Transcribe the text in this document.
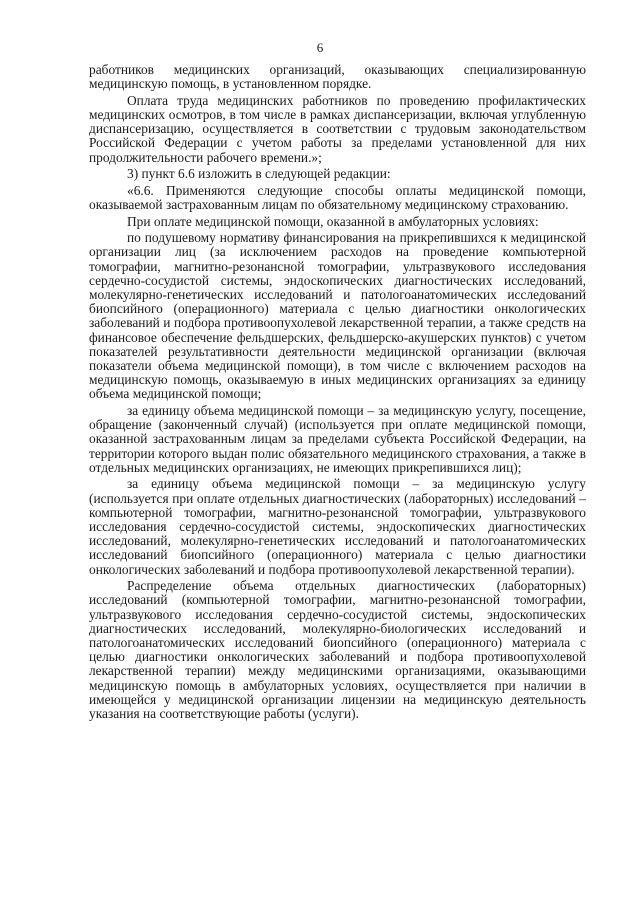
6

работников медицинских организаций, оказывающих специализированную медицинскую помощь, в установленном порядке.

Оплата труда медицинских работников по проведению профилактических медицинских осмотров, в том числе в рамках диспансеризации, включая углубленную диспансеризацию, осуществляется в соответствии с трудовым законодательством Российской Федерации с учетом работы за пределами установленной для них продолжительности рабочего времени.»;

3) пункт 6.6 изложить в следующей редакции:

«6.6. Применяются следующие способы оплаты медицинской помощи, оказываемой застрахованным лицам по обязательному медицинскому страхованию.

При оплате медицинской помощи, оказанной в амбулаторных условиях:

по подушевому нормативу финансирования на прикрепившихся к медицинской организации лиц (за исключением расходов на проведение компьютерной томографии, магнитно-резонансной томографии, ультразвукового исследования сердечно-сосудистой системы, эндоскопических диагностических исследований, молекулярно-генетических исследований и патологоанатомических исследований биопсийного (операционного) материала с целью диагностики онкологических заболеваний и подбора противоопухолевой лекарственной терапии, а также средств на финансовое обеспечение фельдшерских, фельдшерско-акушерских пунктов) с учетом показателей результативности деятельности медицинской организации (включая показатели объема медицинской помощи), в том числе с включением расходов на медицинскую помощь, оказываемую в иных медицинских организациях за единицу объема медицинской помощи;

за единицу объема медицинской помощи – за медицинскую услугу, посещение, обращение (законченный случай) (используется при оплате медицинской помощи, оказанной застрахованным лицам за пределами субъекта Российской Федерации, на территории которого выдан полис обязательного медицинского страхования, а также в отдельных медицинских организациях, не имеющих прикрепившихся лиц);

за единицу объема медицинской помощи – за медицинскую услугу (используется при оплате отдельных диагностических (лабораторных) исследований – компьютерной томографии, магнитно-резонансной томографии, ультразвукового исследования сердечно-сосудистой системы, эндоскопических диагностических исследований, молекулярно-генетических исследований и патологоанатомических исследований биопсийного (операционного) материала с целью диагностики онкологических заболеваний и подбора противоопухолевой лекарственной терапии).

Распределение объема отдельных диагностических (лабораторных) исследований (компьютерной томографии, магнитно-резонансной томографии, ультразвукового исследования сердечно-сосудистой системы, эндоскопических диагностических исследований, молекулярно-биологических исследований и патологоанатомических исследований биопсийного (операционного) материала с целью диагностики онкологических заболеваний и подбора противоопухолевой лекарственной терапии) между медицинскими организациями, оказывающими медицинскую помощь в амбулаторных условиях, осуществляется при наличии в имеющейся у медицинской организации лицензии на медицинскую деятельность указания на соответствующие работы (услуги).
